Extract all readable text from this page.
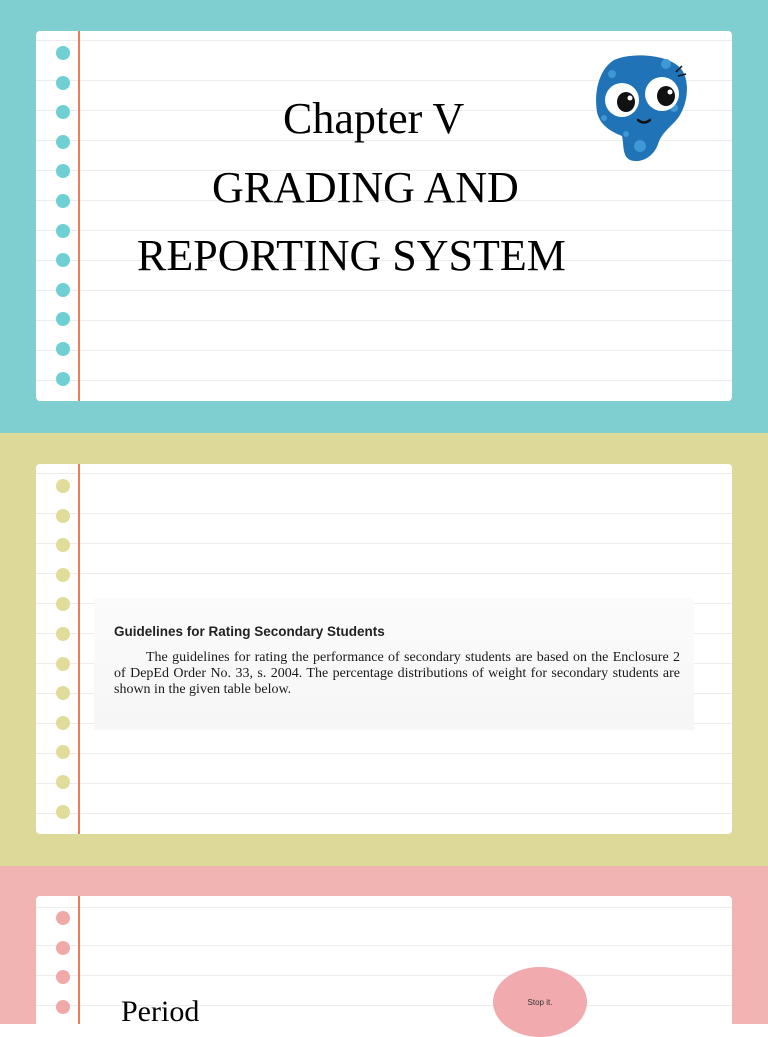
Chapter V
GRADING AND
REPORTING SYSTEM
Guidelines for Rating Secondary Students
The guidelines for rating the performance of secondary students are based on the Enclosure 2 of DepEd Order No. 33, s. 2004. The percentage distributions of weight for secondary students are shown in the given table below.
Period	Stop it.
